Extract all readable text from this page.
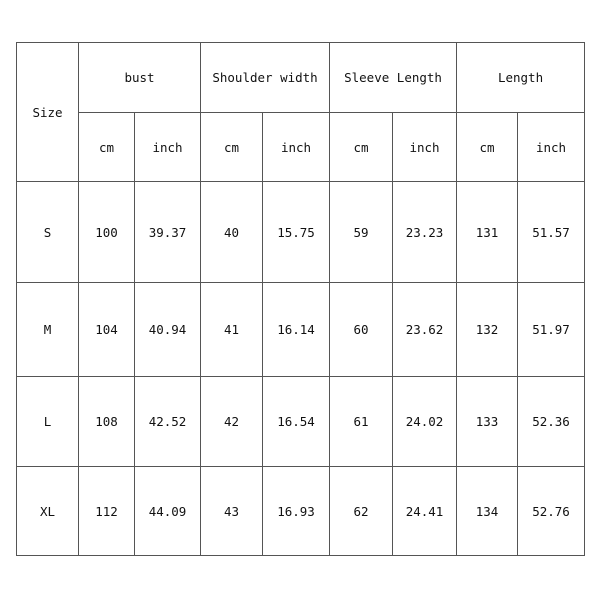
Size	bust		Shoulder width		Sleeve Length		Length	
	cm	inch	cm	inch	cm	inch	cm	inch
S	100	39.37	40	15.75	59	23.23	131	51.57
M	104	40.94	41	16.14	60	23.62	132	51.97
L	108	42.52	42	16.54	61	24.02	133	52.36
XL	112	44.09	43	16.93	62	24.41	134	52.76
